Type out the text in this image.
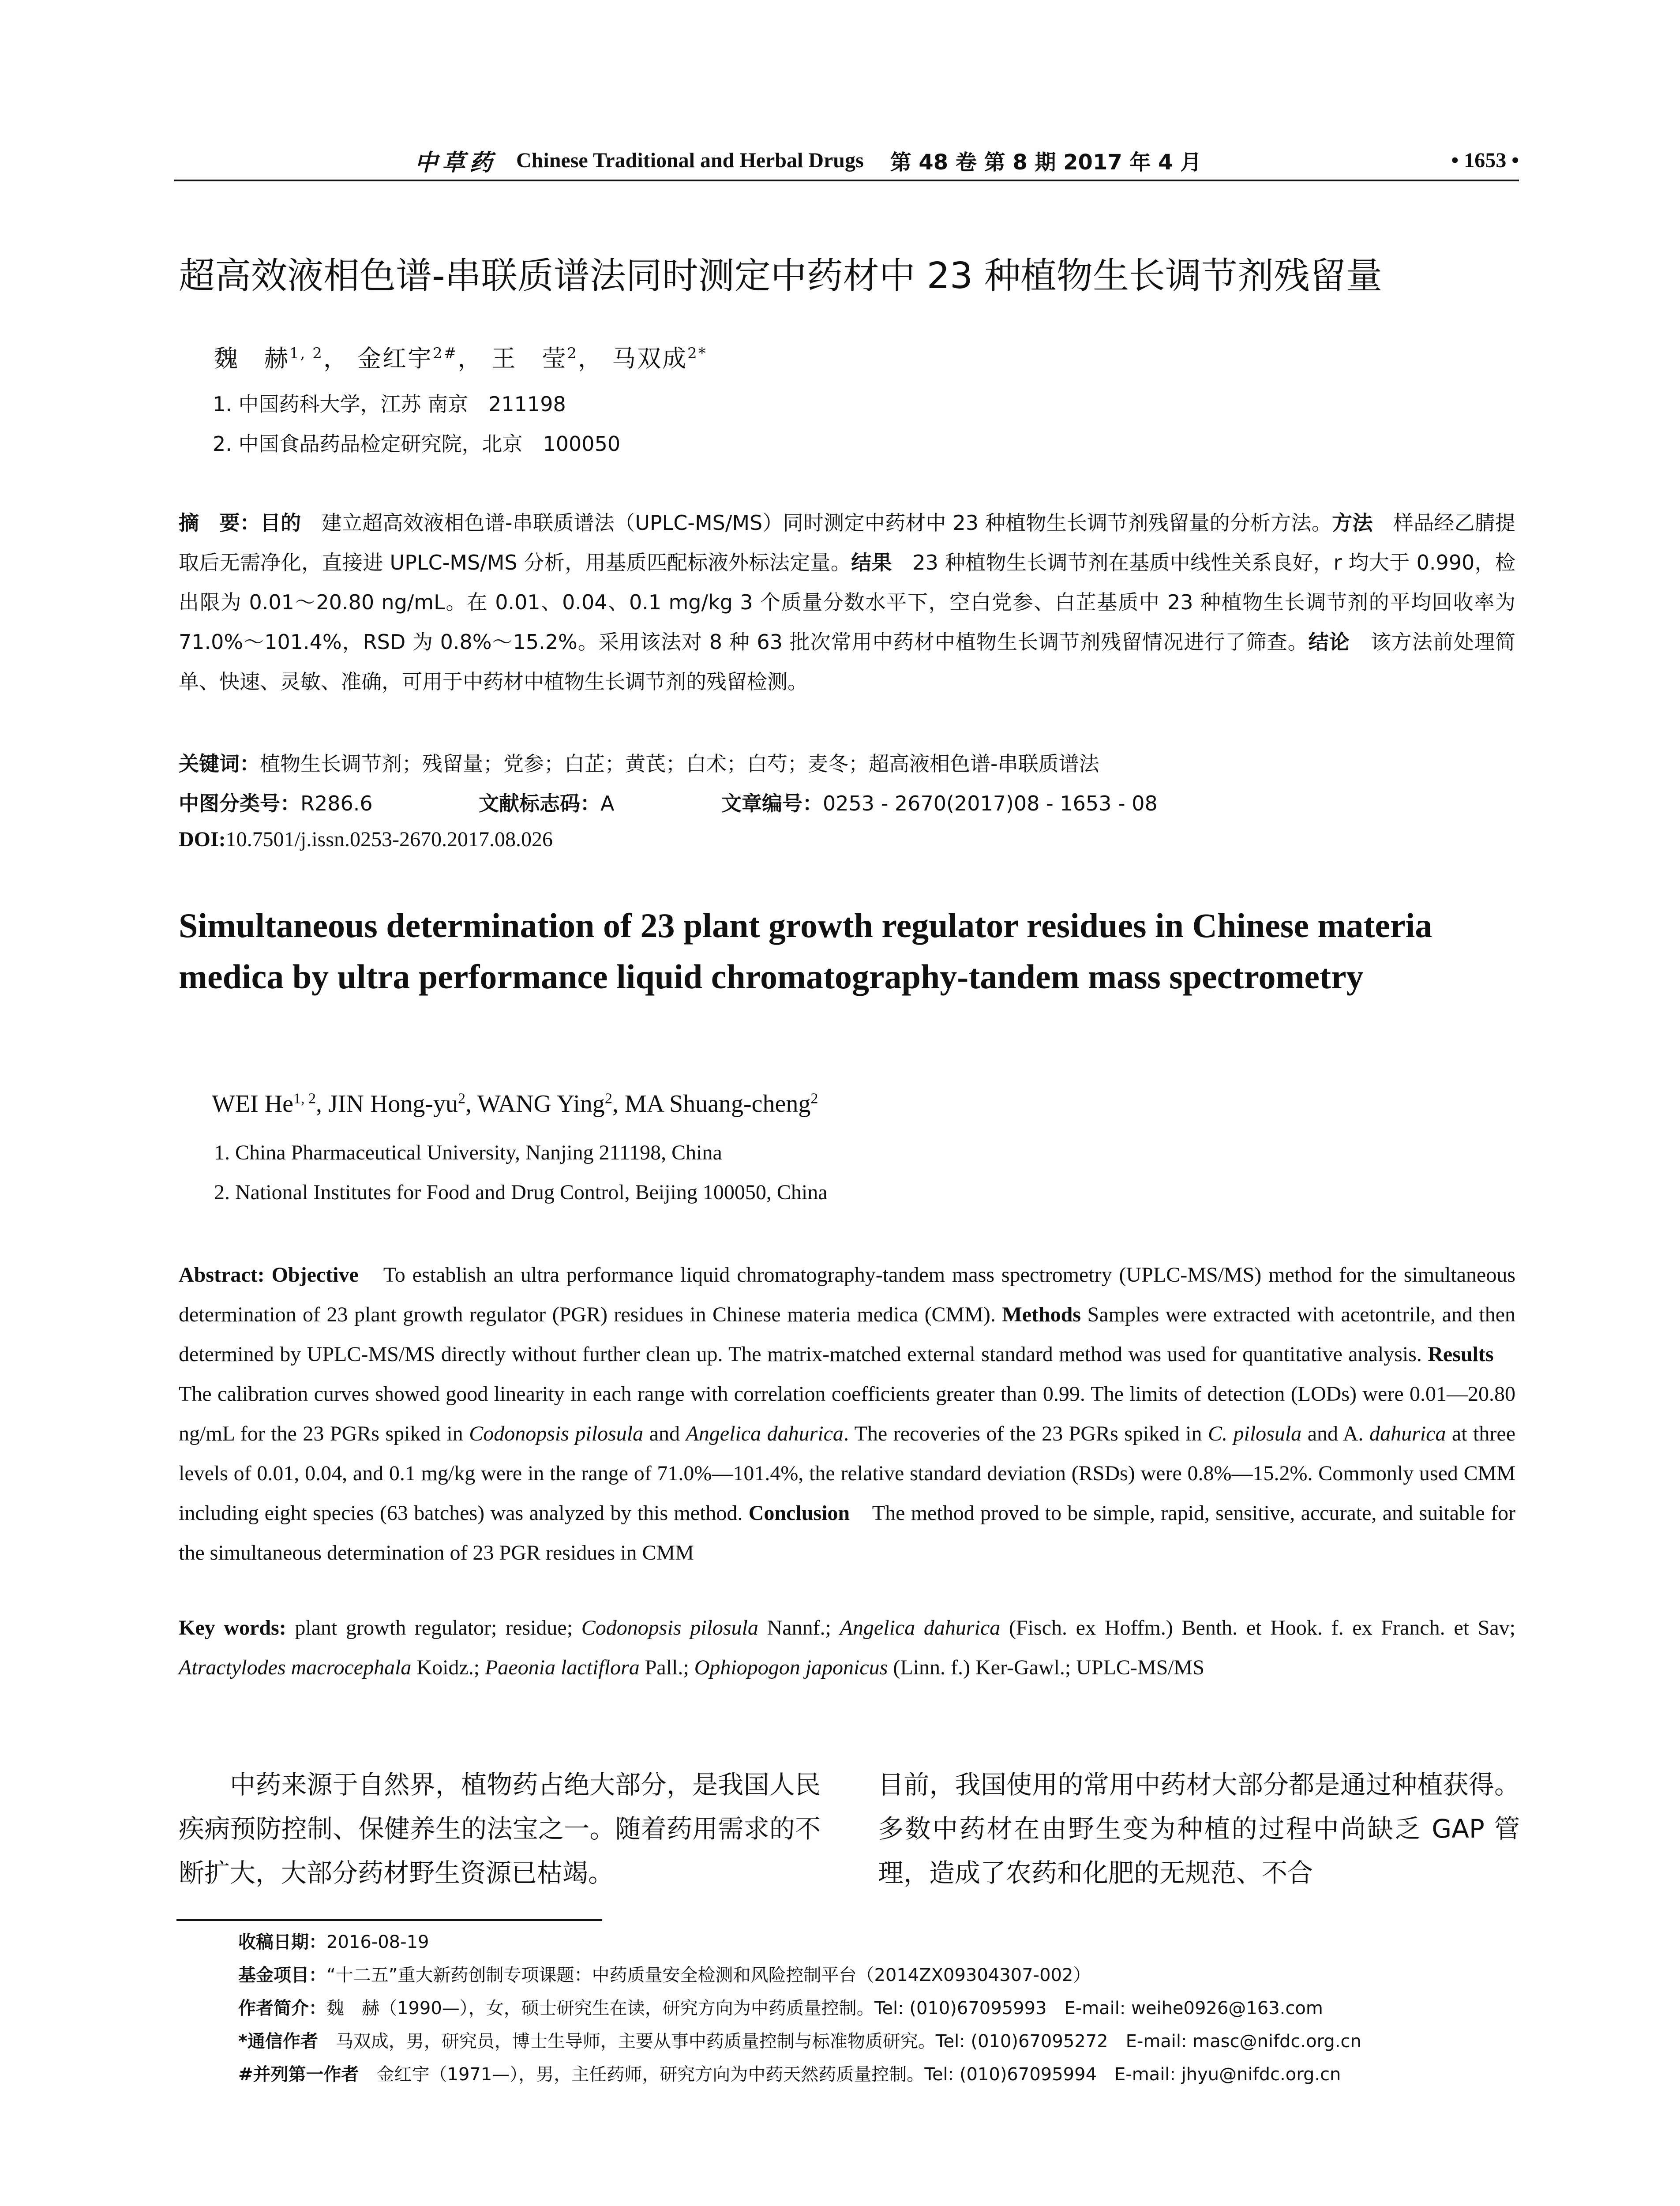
中草药 Chinese Traditional and Herbal Drugs 第 48 卷 第 8 期 2017 年 4 月	• 1653 •
超高效液相色谱-串联质谱法同时测定中药材中 23 种植物生长调节剂残留量
魏　赫$^{1, 2}$， 金红宇$^{2\#}$， 王　莹$^2$， 马双成$^{2*}$
1. 中国药科大学，江苏 南京　211198
2. 中国食品药品检定研究院，北京　100050
摘　要：目的　建立超高效液相色谱-串联质谱法（UPLC-MS/MS）同时测定中药材中 23 种植物生长调节剂残留量的分析方法。方法　样品经乙腈提取后无需净化，直接进 UPLC-MS/MS 分析，用基质匹配标液外标法定量。结果　23 种植物生长调节剂在基质中线性关系良好，r 均大于 0.990，检出限为 0.01～20.80 ng/mL。在 0.01、0.04、0.1 mg/kg 3 个质量分数水平下，空白党参、白芷基质中 23 种植物生长调节剂的平均回收率为 71.0%～101.4%，RSD 为 0.8%～15.2%。采用该法对 8 种 63 批次常用中药材中植物生长调节剂残留情况进行了筛查。结论　该方法前处理简单、快速、灵敏、准确，可用于中药材中植物生长调节剂的残留检测。
关键词： 植物生长调节剂；残留量；党参；白芷；黄芪；白术；白芍；麦冬；超高液相色谱-串联质谱法
中图分类号：R286.6	文献标志码：A	文章编号：0253 - 2670(2017)08 - 1653 - 08
DOI: 10.7501/j.issn.0253-2670.2017.08.026
Simultaneous determination of 23 plant growth regulator residues in Chinese materia medica by ultra performance liquid chromatography-tandem mass spectrometry
WEI He$^{1, 2}$, JIN Hong-$yu^2$, WANG Ying$^2$, MA Shuang-cheng$^2$
1. China Pharmaceutical University, Nanjing 211198, China
2. National Institutes for Food and Drug Control, Beijing 100050, China
Abstract: Objective　To establish an ultra performance liquid chromatography-tandem mass spectrometry (UPLC-MS/MS) method for the simultaneous determination of 23 plant growth regulator (PGR) residues in Chinese materia medica (CMM). Methods Samples were extracted with acetontrile, and then determined by UPLC-MS/MS directly without further clean up. The matrix-matched external standard method was used for quantitative analysis. Results　The calibration curves showed good linearity in each range with correlation coefficients greater than 0.99. The limits of detection (LODs) were 0.01—20.80 ng/mL for the 23 PGRs spiked in Codonopsis pilosula and Angelica dahurica. The recoveries of the 23 PGRs spiked in C. pilosula and A. dahurica at three levels of 0.01, 0.04, and 0.1 mg/kg were in the range of 71.0%—101.4%, the relative standard deviation (RSDs) were 0.8%—15.2%. Commonly used CMM including eight species (63 batches) was analyzed by this method. Conclusion　The method proved to be simple, rapid, sensitive, accurate, and suitable for the simultaneous determination of 23 PGR residues in CMM
Key words: plant growth regulator; residue; Codonopsis pilosula Nannf.; Angelica dahurica (Fisch. ex Hoffm.) Benth. et Hook. f. ex Franch. et Sav; Atractylodes macrocephala Koidz.; Paeonia lactiflora Pall.; Ophiopogon japonicus (Linn. f.) Ker-Gawl.; UPLC-MS/MS
中药来源于自然界，植物药占绝大部分，是我国人民疾病预防控制、保健养生的法宝之一。随着药用需求的不断扩大，大部分药材野生资源已枯竭。
目前，我国使用的常用中药材大部分都是通过种植获得。多数中药材在由野生变为种植的过程中尚缺乏 GAP 管理，造成了农药和化肥的无规范、不合
收稿日期：2016-08-19
基金项目：“十二五”重大新药创制专项课题：中药质量安全检测和风险控制平台（2014ZX09304307-002）
作者简介：魏　赫（1990—），女，硕士研究生在读，研究方向为中药质量控制。Tel: (010)67095993　E-mail: weihe0926@163.com
*通信作者　马双成，男，研究员，博士生导师，主要从事中药质量控制与标准物质研究。Tel: (010)67095272　E-mail: masc@nifdc.org.cn
#并列第一作者　金红宇（1971—），男，主任药师，研究方向为中药天然药质量控制。Tel: (010)67095994　E-mail: jhyu@nifdc.org.cn
